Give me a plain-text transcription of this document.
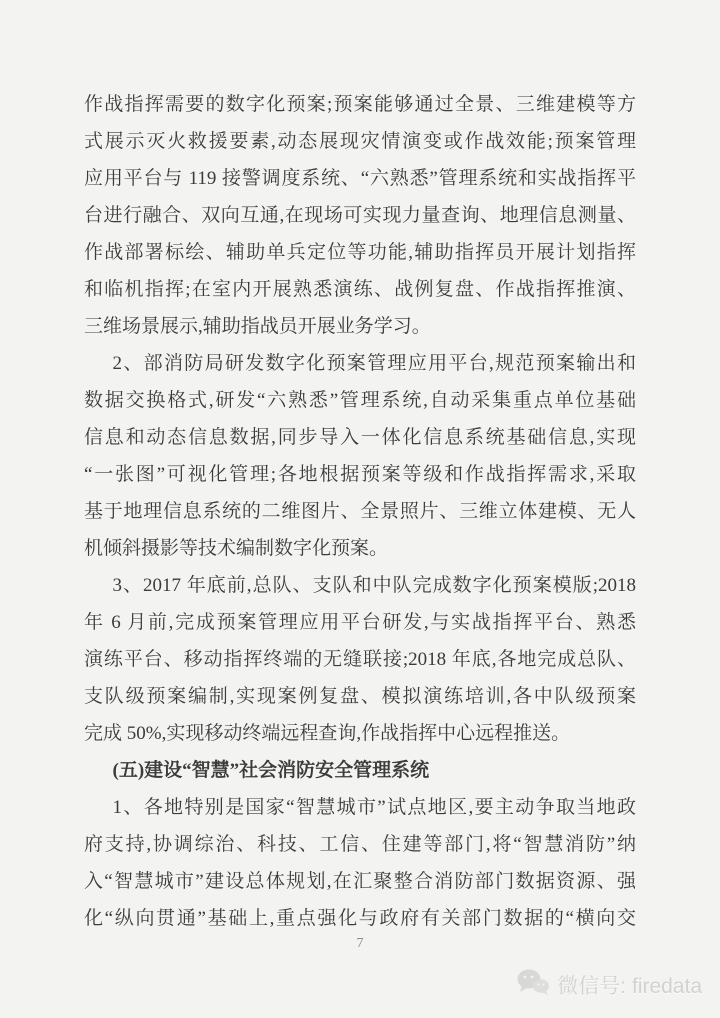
作战指挥需要的数字化预案;预案能够通过全景、三维建模等方
式展示灭火救援要素,动态展现灾情演变或作战效能;预案管理
应用平台与 119 接警调度系统、“六熟悉”管理系统和实战指挥平
台进行融合、双向互通,在现场可实现力量查询、地理信息测量、
作战部署标绘、辅助单兵定位等功能,辅助指挥员开展计划指挥
和临机指挥;在室内开展熟悉演练、战例复盘、作战指挥推演、
三维场景展示,辅助指战员开展业务学习。
2、部消防局研发数字化预案管理应用平台,规范预案输出和
数据交换格式,研发“六熟悉”管理系统,自动采集重点单位基础
信息和动态信息数据,同步导入一体化信息系统基础信息,实现
“一张图”可视化管理;各地根据预案等级和作战指挥需求,采取
基于地理信息系统的二维图片、全景照片、三维立体建模、无人
机倾斜摄影等技术编制数字化预案。
3、2017 年底前,总队、支队和中队完成数字化预案模版;2018
年 6 月前,完成预案管理应用平台研发,与实战指挥平台、熟悉
演练平台、移动指挥终端的无缝联接;2018 年底,各地完成总队、
支队级预案编制,实现案例复盘、模拟演练培训,各中队级预案
完成 50%,实现移动终端远程查询,作战指挥中心远程推送。
(五)建设“智慧”社会消防安全管理系统
1、各地特别是国家“智慧城市”试点地区,要主动争取当地政
府支持,协调综治、科技、工信、住建等部门,将“智慧消防”纳
入“智慧城市”建设总体规划,在汇聚整合消防部门数据资源、强
化“纵向贯通”基础上,重点强化与政府有关部门数据的“横向交
7
微信号: firedata
